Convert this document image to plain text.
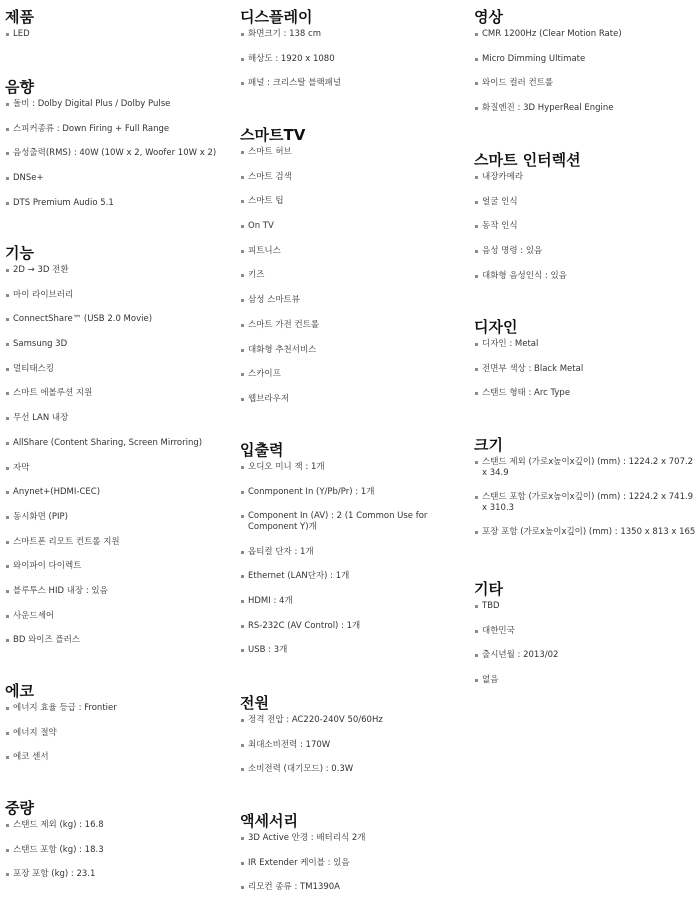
제품
LED
음향
돌비 : Dolby Digital Plus / Dolby Pulse
스피커종류 : Down Firing + Full Range
음성출력(RMS) : 40W (10W x 2, Woofer 10W x 2)
DNSe+
DTS Premium Audio 5.1
기능
2D → 3D 전환
마이 라이브러리
ConnectShare™ (USB 2.0 Movie)
Samsung 3D
멀티태스킹
스마트 에볼루션 지원
무선 LAN 내장
AllShare (Content Sharing, Screen Mirroring)
자막
Anynet+(HDMI-CEC)
동시화면 (PIP)
스마트폰 리모트 컨트롤 지원
와이파이 다이렉트
블루투스 HID 내장 : 있음
사운드셰어
BD 와이즈 플러스
에코
에너지 효율 등급 : Frontier
에너지 절약
에코 센서
중량
스탠드 제외 (kg) : 16.8
스탠드 포함 (kg) : 18.3
포장 포함 (kg) : 23.1
디스플레이
화면크기 : 138 cm
해상도 : 1920 x 1080
패널 : 크리스탈 블랙패널
스마트TV
스마트 허브
스마트 검색
스마트 팁
On TV
피트니스
키즈
삼성 스마트뷰
스마트 가전 컨트롤
대화형 추천서비스
스카이프
웹브라우저
입출력
오디오 미니 잭 : 1개
Conmponent In (Y/Pb/Pr) : 1개
Component In (AV) : 2 (1 Common Use for Component Y)개
옵티컬 단자 : 1개
Ethernet (LAN단자) : 1개
HDMI : 4개
RS-232C (AV Control) : 1개
USB : 3개
전원
정격 전압 : AC220-240V 50/60Hz
최대소비전력 : 170W
소비전력 (대기모드) : 0.3W
액세서리
3D Active 안경 : 배터리식 2개
IR Extender 케이블 : 있음
리모컨 종류 : TM1390A
영상
CMR 1200Hz (Clear Motion Rate)
Micro Dimming Ultimate
와이드 컬러 컨트롤
화질엔진 : 3D HyperReal Engine
스마트 인터렉션
내장카메라
얼굴 인식
동작 인식
음성 명령 : 있음
대화형 음성인식 : 있음
디자인
디자인 : Metal
전면부 색상 : Black Metal
스탠드 형태 : Arc Type
크기
스탠드 제외 (가로x높이x깊이) (mm) : 1224.2 x 707.2 x 34.9
스탠드 포함 (가로x높이x깊이) (mm) : 1224.2 x 741.9 x 310.3
포장 포함 (가로x높이x깊이) (mm) : 1350 x 813 x 165
기타
TBD
대한민국
출시년월 : 2013/02
없음
